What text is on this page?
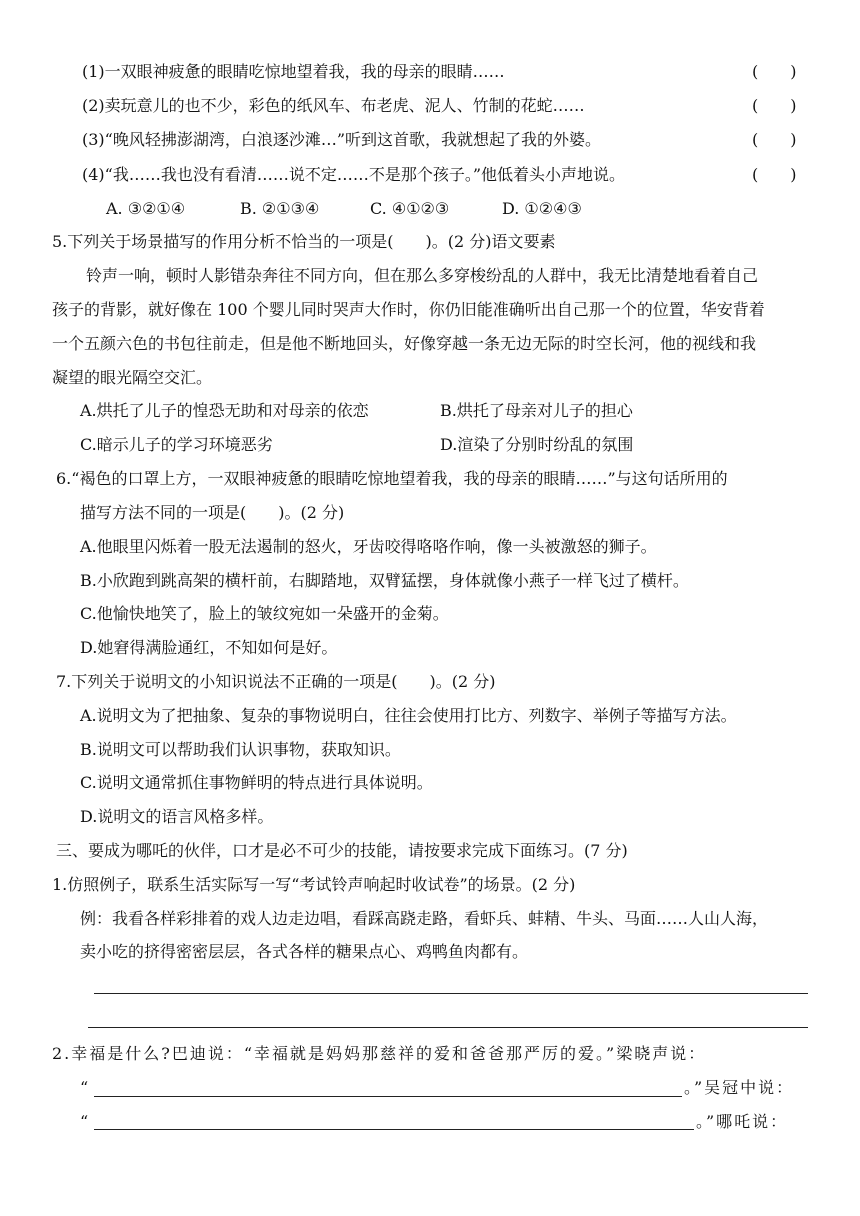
(1)一双眼神疲惫的眼睛吃惊地望着我，我的母亲的眼睛……	(　　)
(2)卖玩意儿的也不少，彩色的纸风车、布老虎、泥人、竹制的花蛇……	(　　)
(3)“晚风轻拂澎湖湾，白浪逐沙滩…”听到这首歌，我就想起了我的外婆。	(　　)
(4)“我……我也没有看清……说不定……不是那个孩子。”他低着头小声地说。	(　　)
A. ③②①④	B. ②①③④	C. ④①②③	D. ①②④③
5.下列关于场景描写的作用分析不恰当的一项是(　　)。(2 分)语文要素
铃声一响，顿时人影错杂奔往不同方向，但在那么多穿梭纷乱的人群中，我无比清楚地看着自己
孩子的背影，就好像在 100 个婴儿同时哭声大作时，你仍旧能准确听出自己那一个的位置，华安背着
一个五颜六色的书包往前走，但是他不断地回头，好像穿越一条无边无际的时空长河，他的视线和我
凝望的眼光隔空交汇。
A.烘托了儿子的惶恐无助和对母亲的依恋	B.烘托了母亲对儿子的担心
C.暗示儿子的学习环境恶劣	D.渲染了分别时纷乱的氛围
6.“褐色的口罩上方，一双眼神疲惫的眼睛吃惊地望着我，我的母亲的眼睛……”与这句话所用的
描写方法不同的一项是(　　)。(2 分)
A.他眼里闪烁着一股无法遏制的怒火，牙齿咬得咯咯作响，像一头被激怒的狮子。
B.小欣跑到跳高架的横杆前，右脚踏地，双臂猛摆，身体就像小燕子一样飞过了横杆。
C.他愉快地笑了，脸上的皱纹宛如一朵盛开的金菊。
D.她窘得满脸通红，不知如何是好。
7.下列关于说明文的小知识说法不正确的一项是(　　)。(2 分)
A.说明文为了把抽象、复杂的事物说明白，往往会使用打比方、列数字、举例子等描写方法。
B.说明文可以帮助我们认识事物，获取知识。
C.说明文通常抓住事物鲜明的特点进行具体说明。
D.说明文的语言风格多样。
三、要成为哪吒的伙伴，口才是必不可少的技能，请按要求完成下面练习。(7 分)
1.仿照例子，联系生活实际写一写“考试铃声响起时收试卷”的场景。(2 分)
例：我看各样彩排着的戏人边走边唱，看踩高跷走路，看虾兵、蚌精、牛头、马面……人山人海，
卖小吃的挤得密密层层，各式各样的糖果点心、鸡鸭鱼肉都有。
2.幸福是什么?巴迪说：“幸福就是妈妈那慈祥的爱和爸爸那严厉的爱。”梁晓声说：
“	。”吴冠中说：
“	。”哪吒说：
